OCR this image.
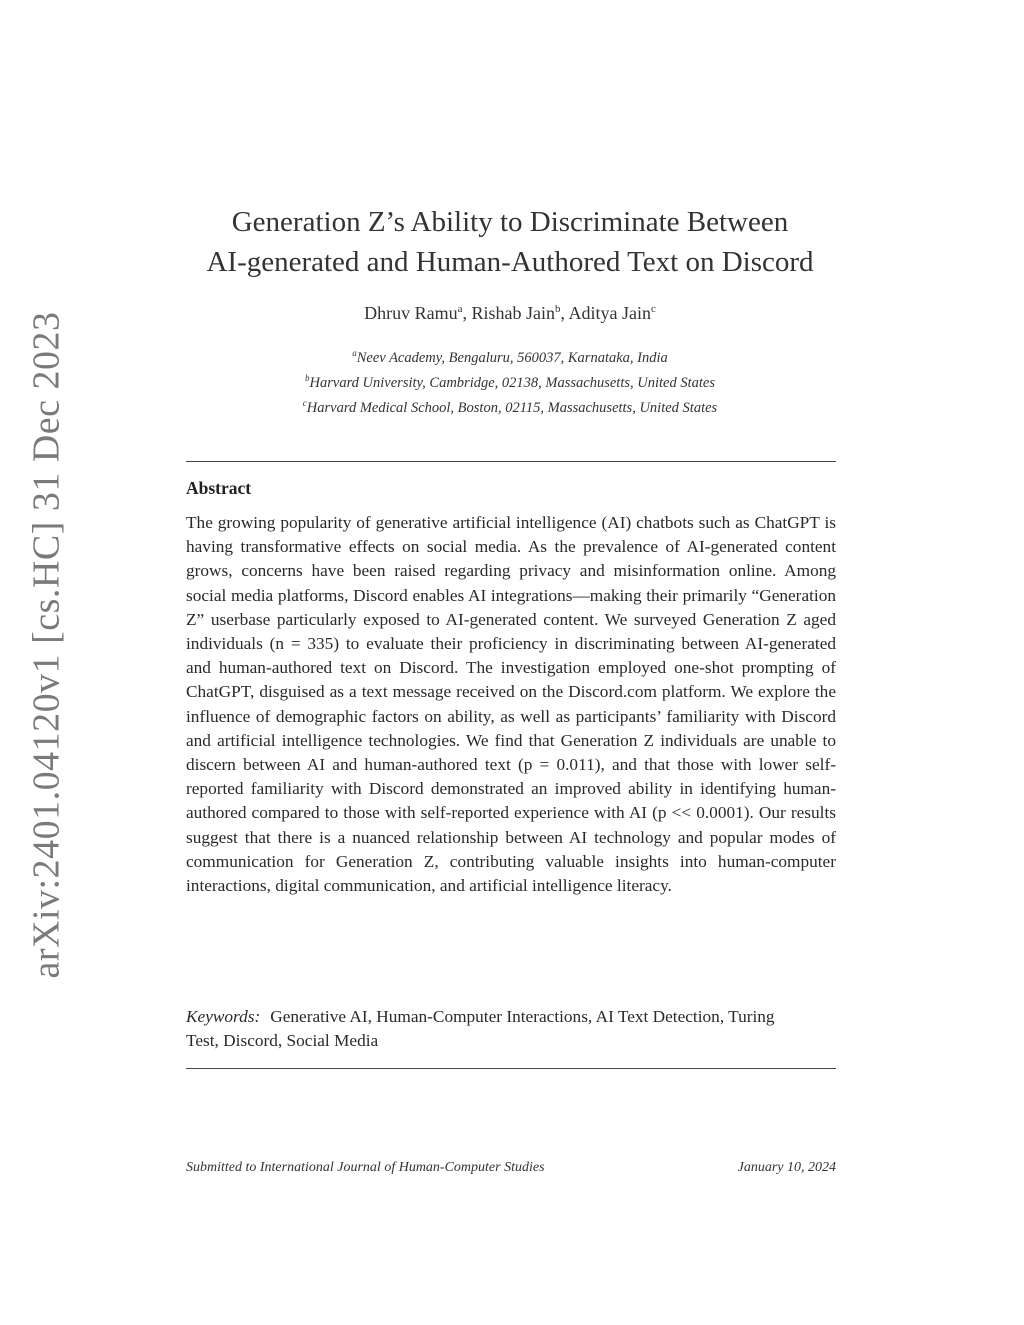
arXiv:2401.04120v1 [cs.HC] 31 Dec 2023
Generation Z’s Ability to Discriminate Between
AI-generated and Human-Authored Text on Discord
Dhruv Ramu$^a$, Rishab Jain$^b$, Aditya Jain$^c$
$^a$Neev Academy, Bengaluru, 560037, Karnataka, India
$^b$Harvard University, Cambridge, 02138, Massachusetts, United States
$^c$Harvard Medical School, Boston, 02115, Massachusetts, United States
Abstract
The growing popularity of generative artificial intelligence (AI) chatbots such as ChatGPT is having transformative effects on social media. As the prevalence of AI-generated content grows, concerns have been raised regarding privacy and misinformation online. Among social media platforms, Discord enables AI integrations—making their primarily “Generation Z” userbase particularly exposed to AI-generated content. We surveyed Generation Z aged individuals (n = 335) to evaluate their proficiency in discriminating between AI-generated and human-authored text on Discord. The investigation employed one-shot prompting of ChatGPT, disguised as a text message received on the Discord.com platform. We explore the influence of demographic factors on ability, as well as participants’ familiarity with Discord and artificial intelligence technologies. We find that Generation Z individuals are unable to discern between AI and human-authored text (p = 0.011), and that those with lower self-reported familiarity with Discord demonstrated an improved ability in identifying human-authored compared to those with self-reported experience with AI (p << 0.0001). Our results suggest that there is a nuanced relationship between AI technology and popular modes of communication for Generation Z, contributing valuable insights into human-computer interactions, digital communication, and artificial intelligence literacy.
Keywords: Generative AI, Human-Computer Interactions, AI Text Detection, Turing Test, Discord, Social Media
Submitted to International Journal of Human-Computer Studies	January 10, 2024
